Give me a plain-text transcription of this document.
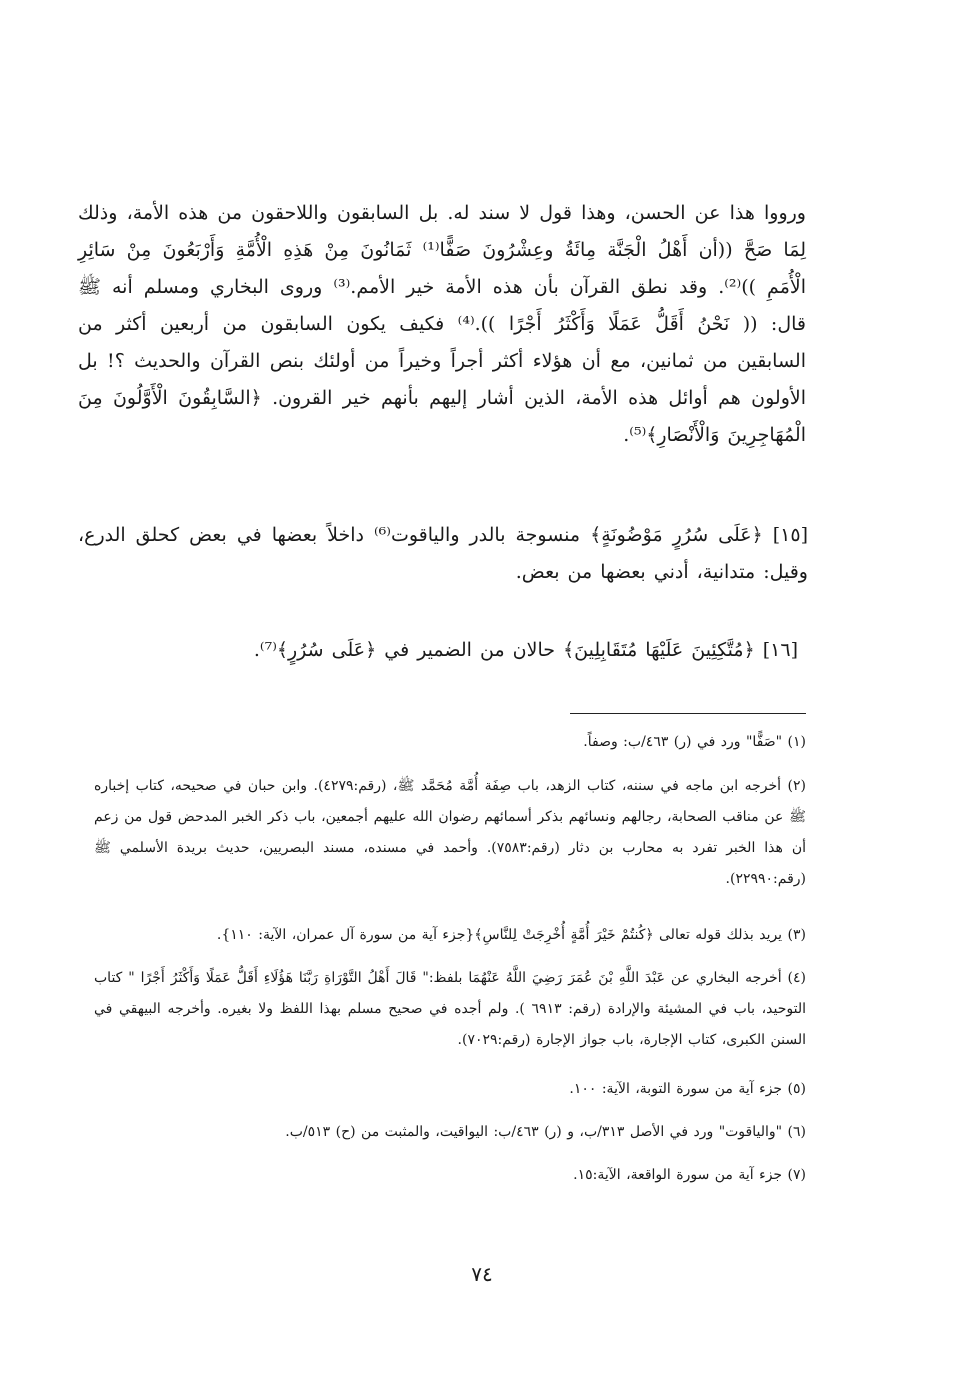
ورووا هذا عن الحسن، وهذا قول لا سند له. بل السابقون واللاحقون من هذه الأمة، وذلك لِمَا صَحَّ ((أن أَهْلُ الْجَنَّة مِائَةُ وعِشْرُونَ صَفًّا⁽¹⁾ ثَمَانُونَ مِنْ هَذِهِ الْأُمَّةِ وَأَرْبَعُونَ مِنْ سَائِرِ الْأُمَمِ ))⁽²⁾. وقد نطق القرآن بأن هذه الأمة خير الأمم.⁽³⁾ وروى البخاري ومسلم أنه ﷺ قال: (( نَحْنُ أَقَلُّ عَمَلًا وَأَكْثَرُ أَجْرًا )).⁽⁴⁾ فكيف يكون السابقون من أربعين أكثر من السابقين من ثمانين، مع أن هؤلاء أكثر أجراً وخيراً من أولئك بنص القرآن والحديث ؟! بل الأولون هم أوائل هذه الأمة، الذين أشار إليهم بأنهم خير القرون. ﴿السَّابِقُونَ الْأَوَّلُونَ مِنَ الْمُهَاجِرِينَ وَالْأَنْصَارِ﴾⁽⁵⁾.

[١٥] ﴿عَلَى سُرُرٍ مَوْضُونَةٍ﴾ منسوجة بالدر والياقوت⁽⁶⁾ داخلاً بعضها في بعض كحلق الدرع، وقيل: متدانية، أدني بعضها من بعض.

[١٦] ﴿مُتَّكِئِينَ عَلَيْهَا مُتَقَابِلِينَ﴾ حالان من الضمير في ﴿عَلَى سُرُرٍ﴾⁽⁷⁾.

(١) "صَفًّا" ورد في (ر) ٤٦٣/ب: وصفاً.
(٢) أخرجه ابن ماجه في سننه، كتاب الزهد، باب صِفَة أُمَّة مُحَمَّد ﷺ، (رقم:٤٢٧٩). وابن حبان في صحيحه، كتاب إخباره ﷺ عن مناقب الصحابة، رجالهم ونسائهم بذكر أسمائهم رضوان الله عليهم أجمعين، باب ذكر الخبر المدحض قول من زعم أن هذا الخبر تفرد به محارب بن دثار (رقم:٧٥٨٣). وأحمد في مسنده، مسند البصريين، حديث بريدة الأسلمي ﷺ (رقم:٢٢٩٩٠).
(٣) يريد بذلك قوله تعالى ﴿كُنتُمْ خَيْرَ أُمَّةٍ أُخْرِجَتْ لِلنَّاسِ﴾{جزء آية من سورة آل عمران، الآية: ١١٠}.
(٤) أخرجه البخاري عن عَبْدَ اللَّهِ بْنَ عُمَرَ رَضِيَ اللَّهُ عَنْهُمَا بلفظ:" قَالَ أَهْلُ التَّوْرَاةِ رَبَّنَا هَؤُلَاءِ أَقَلُّ عَمَلًا وَأَكْثَرُ أَجْرًا " كتاب التوحيد، باب في المشيئة والإرادة (رقم: ٦٩١٣ ). ولم أجده في صحيح مسلم بهذا اللفظ ولا بغيره. وأخرجه البيهقي في السنن الكبرى، كتاب الإجارة، باب جواز الإجارة (رقم:٧٠٢٩).
(٥) جزء آية من سورة التوبة، الآية: ١٠٠.
(٦) "والياقوت" ورد في الأصل ٣١٣/ب، و (ر) ٤٦٣/ب: اليواقيت، والمثبت من (ح) ٥١٣/ب.
(٧) جزء آية من سورة الواقعة، الآية:١٥.
٧٤
